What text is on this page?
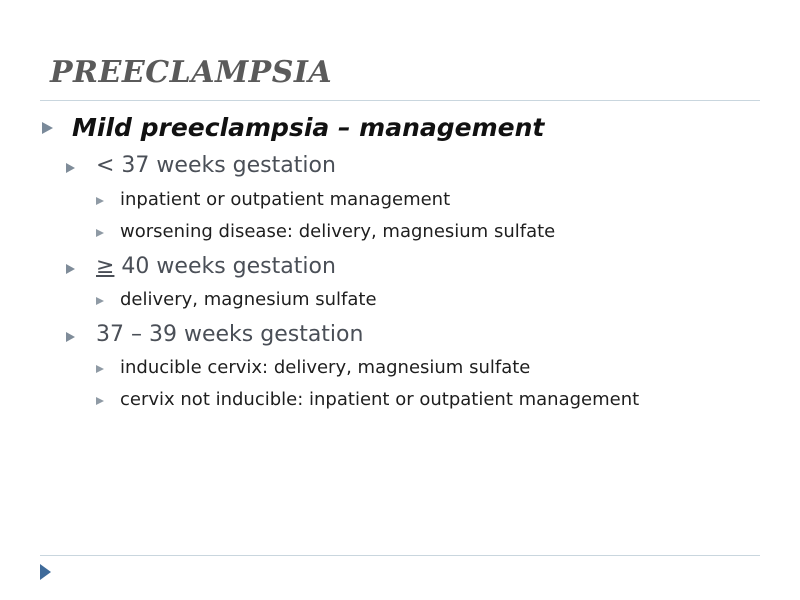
PREECLAMPSIA
Mild preeclampsia – management
< 37 weeks gestation
inpatient or outpatient management
worsening disease: delivery, magnesium sulfate
≥ 40 weeks gestation
delivery, magnesium sulfate
37 – 39 weeks gestation
inducible cervix: delivery, magnesium sulfate
cervix not inducible: inpatient or outpatient management
